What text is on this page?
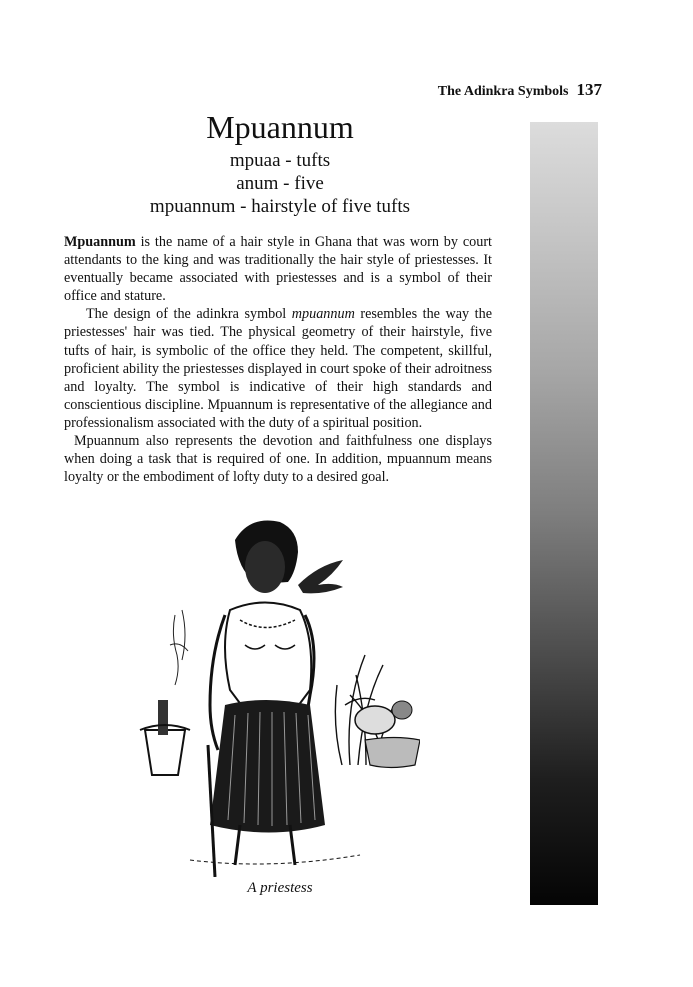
The Adinkra Symbols 137
Mpuannum
mpuaa - tufts
anum - five
mpuannum - hairstyle of five tufts

Mpuannum is the name of a hair style in Ghana that was worn by court attendants to the king and was traditionally the hair style of priestesses. It eventually became associated with priestesses and is a symbol of their office and stature.

The design of the adinkra symbol mpuannum resembles the way the priestesses' hair was tied. The physical geometry of their hairstyle, five tufts of hair, is symbolic of the office they held. The competent, skillful, proficient ability the priestesses displayed in court spoke of their adroitness and loyalty. The symbol is indicative of their high standards and conscientious discipline. Mpuannum is representative of the allegiance and professionalism associated with the duty of a spiritual position.

Mpuannum also represents the devotion and faithfulness one displays when doing a task that is required of one. In addition, mpuannum means loyalty or the embodiment of lofty duty to a desired goal.

A priestess
